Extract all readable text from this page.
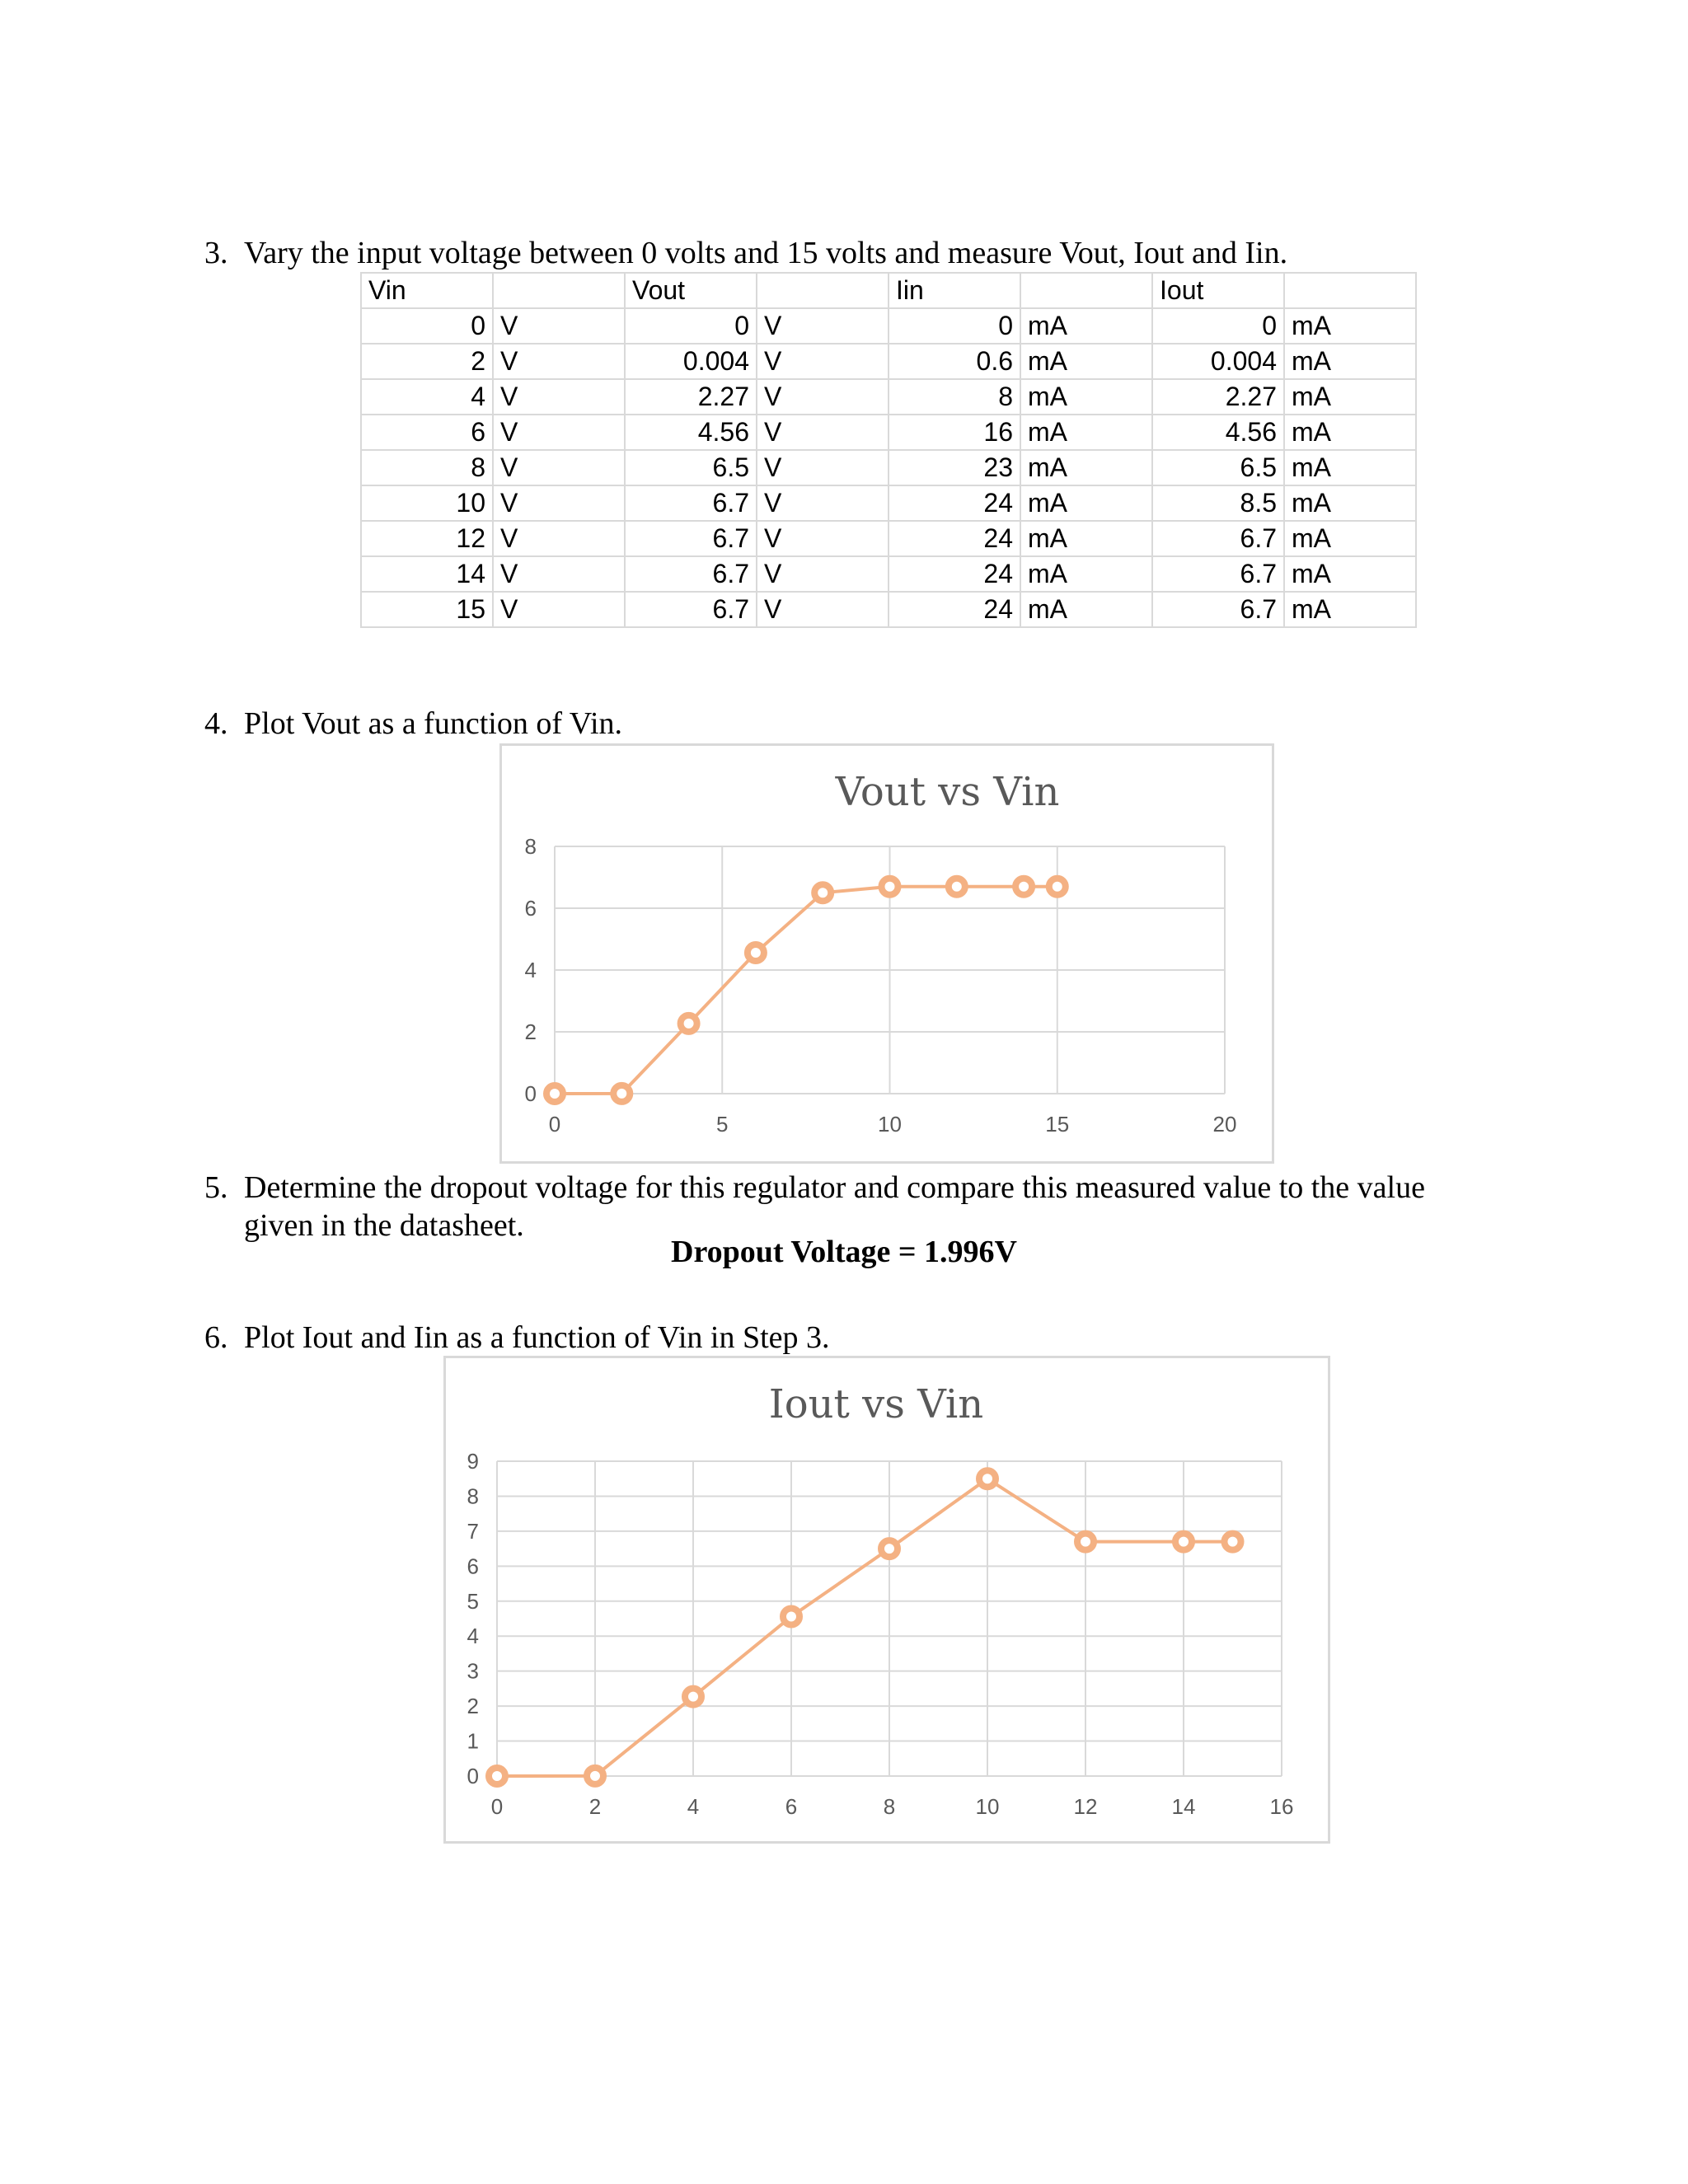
3. Vary the input voltage between 0 volts and 15 volts and measure Vout, Iout and Iin.
Vin		Vout		Iin		Iout	
0	V	0	V	0	mA	0	mA
2	V	0.004	V	0.6	mA	0.004	mA
4	V	2.27	V	8	mA	2.27	mA
6	V	4.56	V	16	mA	4.56	mA
8	V	6.5	V	23	mA	6.5	mA
10	V	6.7	V	24	mA	8.5	mA
12	V	6.7	V	24	mA	6.7	mA
14	V	6.7	V	24	mA	6.7	mA
15	V	6.7	V	24	mA	6.7	mA
4. Plot Vout as a function of Vin.
Vout vs Vin
0
2
4
6
8
0	5	10	15	20
5. Determine the dropout voltage for this regulator and compare this measured value to the value given in the datasheet.
Dropout Voltage = 1.996V
6. Plot Iout and Iin as a function of Vin in Step 3.
Iout vs Vin
0
1
2
3
4
5
6
7
8
9
0	2	4	6	8	10	12	14	16
